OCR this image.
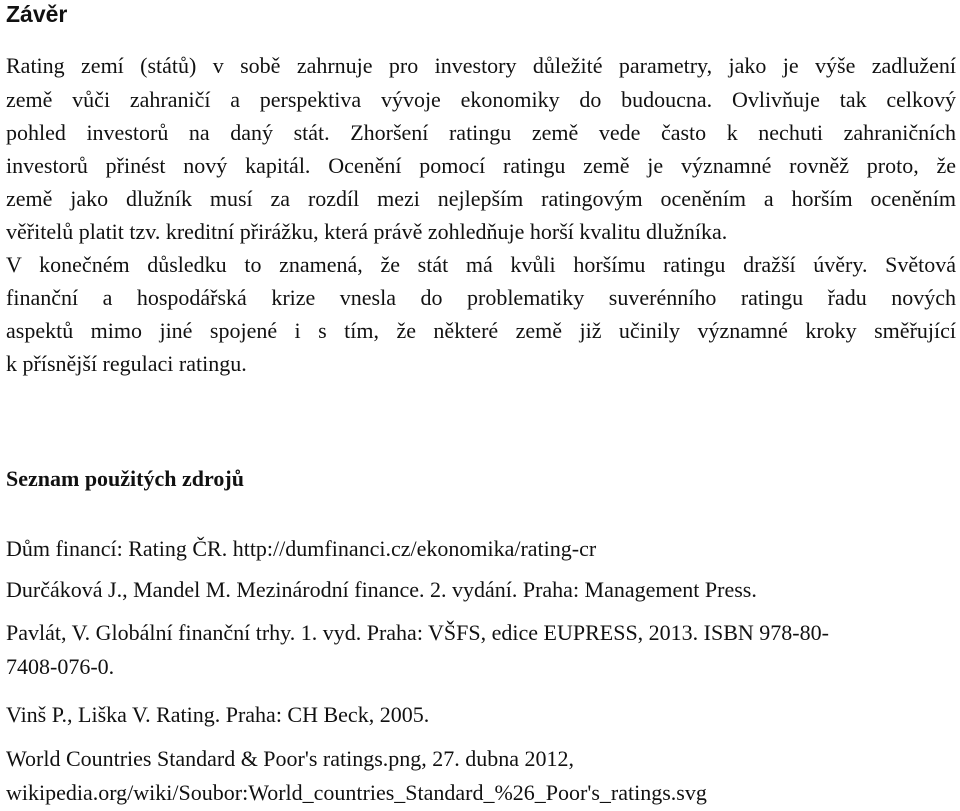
Závěr

Rating zemí (států) v sobě zahrnuje pro investory důležité parametry, jako je výše zadlužení

země vůči zahraničí a perspektiva vývoje ekonomiky do budoucna. Ovlivňuje tak celkový

pohled investorů na daný stát. Zhoršení ratingu země vede často k nechuti zahraničních

investorů přinést nový kapitál. Ocenění pomocí ratingu země je významné rovněž proto, že

země jako dlužník musí za rozdíl mezi nejlepším ratingovým oceněním a horším oceněním

věřitelů platit tzv. kreditní přirážku, která právě zohledňuje horší kvalitu dlužníka.

V konečném důsledku to znamená, že stát má kvůli horšímu ratingu dražší úvěry. Světová

finanční a hospodářská krize vnesla do problematiky suverénního ratingu řadu nových

aspektů mimo jiné spojené i s tím, že některé země již učinily významné kroky směřující

k přísnější regulaci ratingu.

Seznam použitých zdrojů

Dům financí: Rating ČR. http://dumfinanci.cz/ekonomika/rating-cr

Durčáková J., Mandel M. Mezinárodní finance. 2. vydání. Praha: Management Press.

Pavlát, V. Globální finanční trhy. 1. vyd. Praha: VŠFS, edice EUPRESS, 2013. ISBN 978-80-

7408-076-0.

Vinš P., Liška V. Rating. Praha: CH Beck, 2005.

World Countries Standard & Poor's ratings.png, 27. dubna 2012,

wikipedia.org/wiki/Soubor:World_countries_Standard_%26_Poor's_ratings.svg
